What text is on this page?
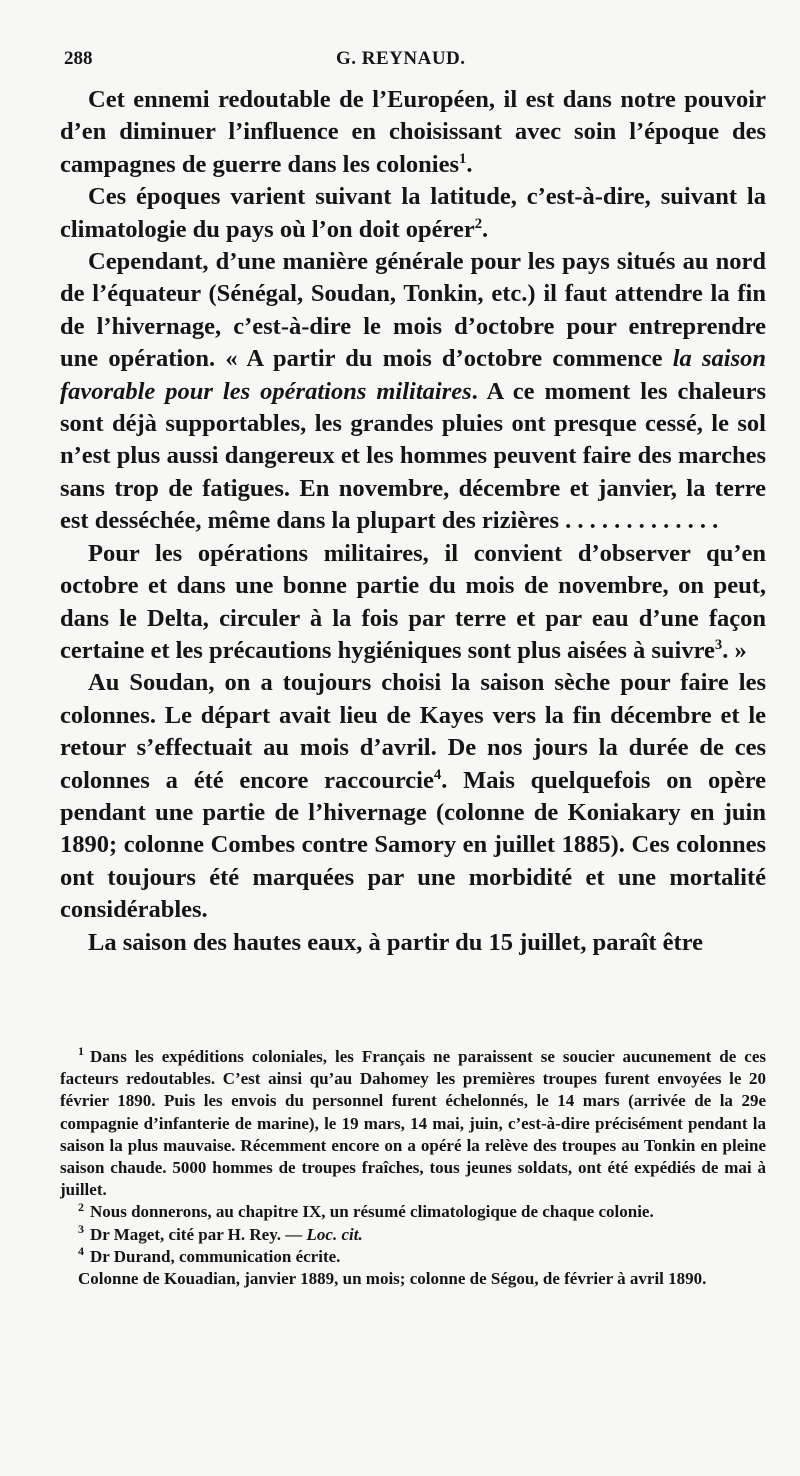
288	G. REYNAUD.

Cet ennemi redoutable de l’Européen, il est dans notre pouvoir d’en diminuer l’influence en choisissant avec soin l’époque des campagnes de guerre dans les colonies$^1$.

Ces époques varient suivant la latitude, c’est-à-dire, suivant la climatologie du pays où l’on doit opérer$^2$.

Cependant, d’une manière générale pour les pays situés au nord de l’équateur (Sénégal, Soudan, Tonkin, etc.) il faut attendre la fin de l’hivernage, c’est-à-dire le mois d’octobre pour entreprendre une opération. « A partir du mois d’octobre commence la saison favorable pour les opérations militaires. A ce moment les chaleurs sont déjà supportables, les grandes pluies ont presque cessé, le sol n’est plus aussi dangereux et les hommes peuvent faire des marches sans trop de fatigues. En novembre, décembre et janvier, la terre est desséchée, même dans la plupart des rizières . . . . . . . . . . . . .

Pour les opérations militaires, il convient d’observer qu’en octobre et dans une bonne partie du mois de novembre, on peut, dans le Delta, circuler à la fois par terre et par eau d’une façon certaine et les précautions hygiéniques sont plus aisées à suivre$^3$. »

Au Soudan, on a toujours choisi la saison sèche pour faire les colonnes. Le départ avait lieu de Kayes vers la fin décembre et le retour s’effectuait au mois d’avril. De nos jours la durée de ces colonnes a été encore raccourcie$^4$. Mais quelquefois on opère pendant une partie de l’hivernage (colonne de Koniakary en juin 1890; colonne Combes contre Samory en juillet 1885). Ces colonnes ont toujours été marquées par une morbidité et une mortalité considérables.

La saison des hautes eaux, à partir du 15 juillet, paraît être

$^1$ Dans les expéditions coloniales, les Français ne paraissent se soucier aucunement de ces facteurs redoutables. C’est ainsi qu’au Dahomey les premières troupes furent envoyées le 20 février 1890. Puis les envois du personnel furent échelonnés, le 14 mars (arrivée de la 29e compagnie d’infanterie de marine), le 19 mars, 14 mai, juin, c’est-à-dire précisément pendant la saison la plus mauvaise. Récemment encore on a opéré la relève des troupes au Tonkin en pleine saison chaude. 5000 hommes de troupes fraîches, tous jeunes soldats, ont été expédiés de mai à juillet.

$^2$ Nous donnerons, au chapitre IX, un résumé climatologique de chaque colonie.

$^3$ Dr Maget, cité par H. Rey. — Loc. cit.

$^4$ Dr Durand, communication écrite.

Colonne de Kouadian, janvier 1889, un mois; colonne de Ségou, de février à avril 1890.
